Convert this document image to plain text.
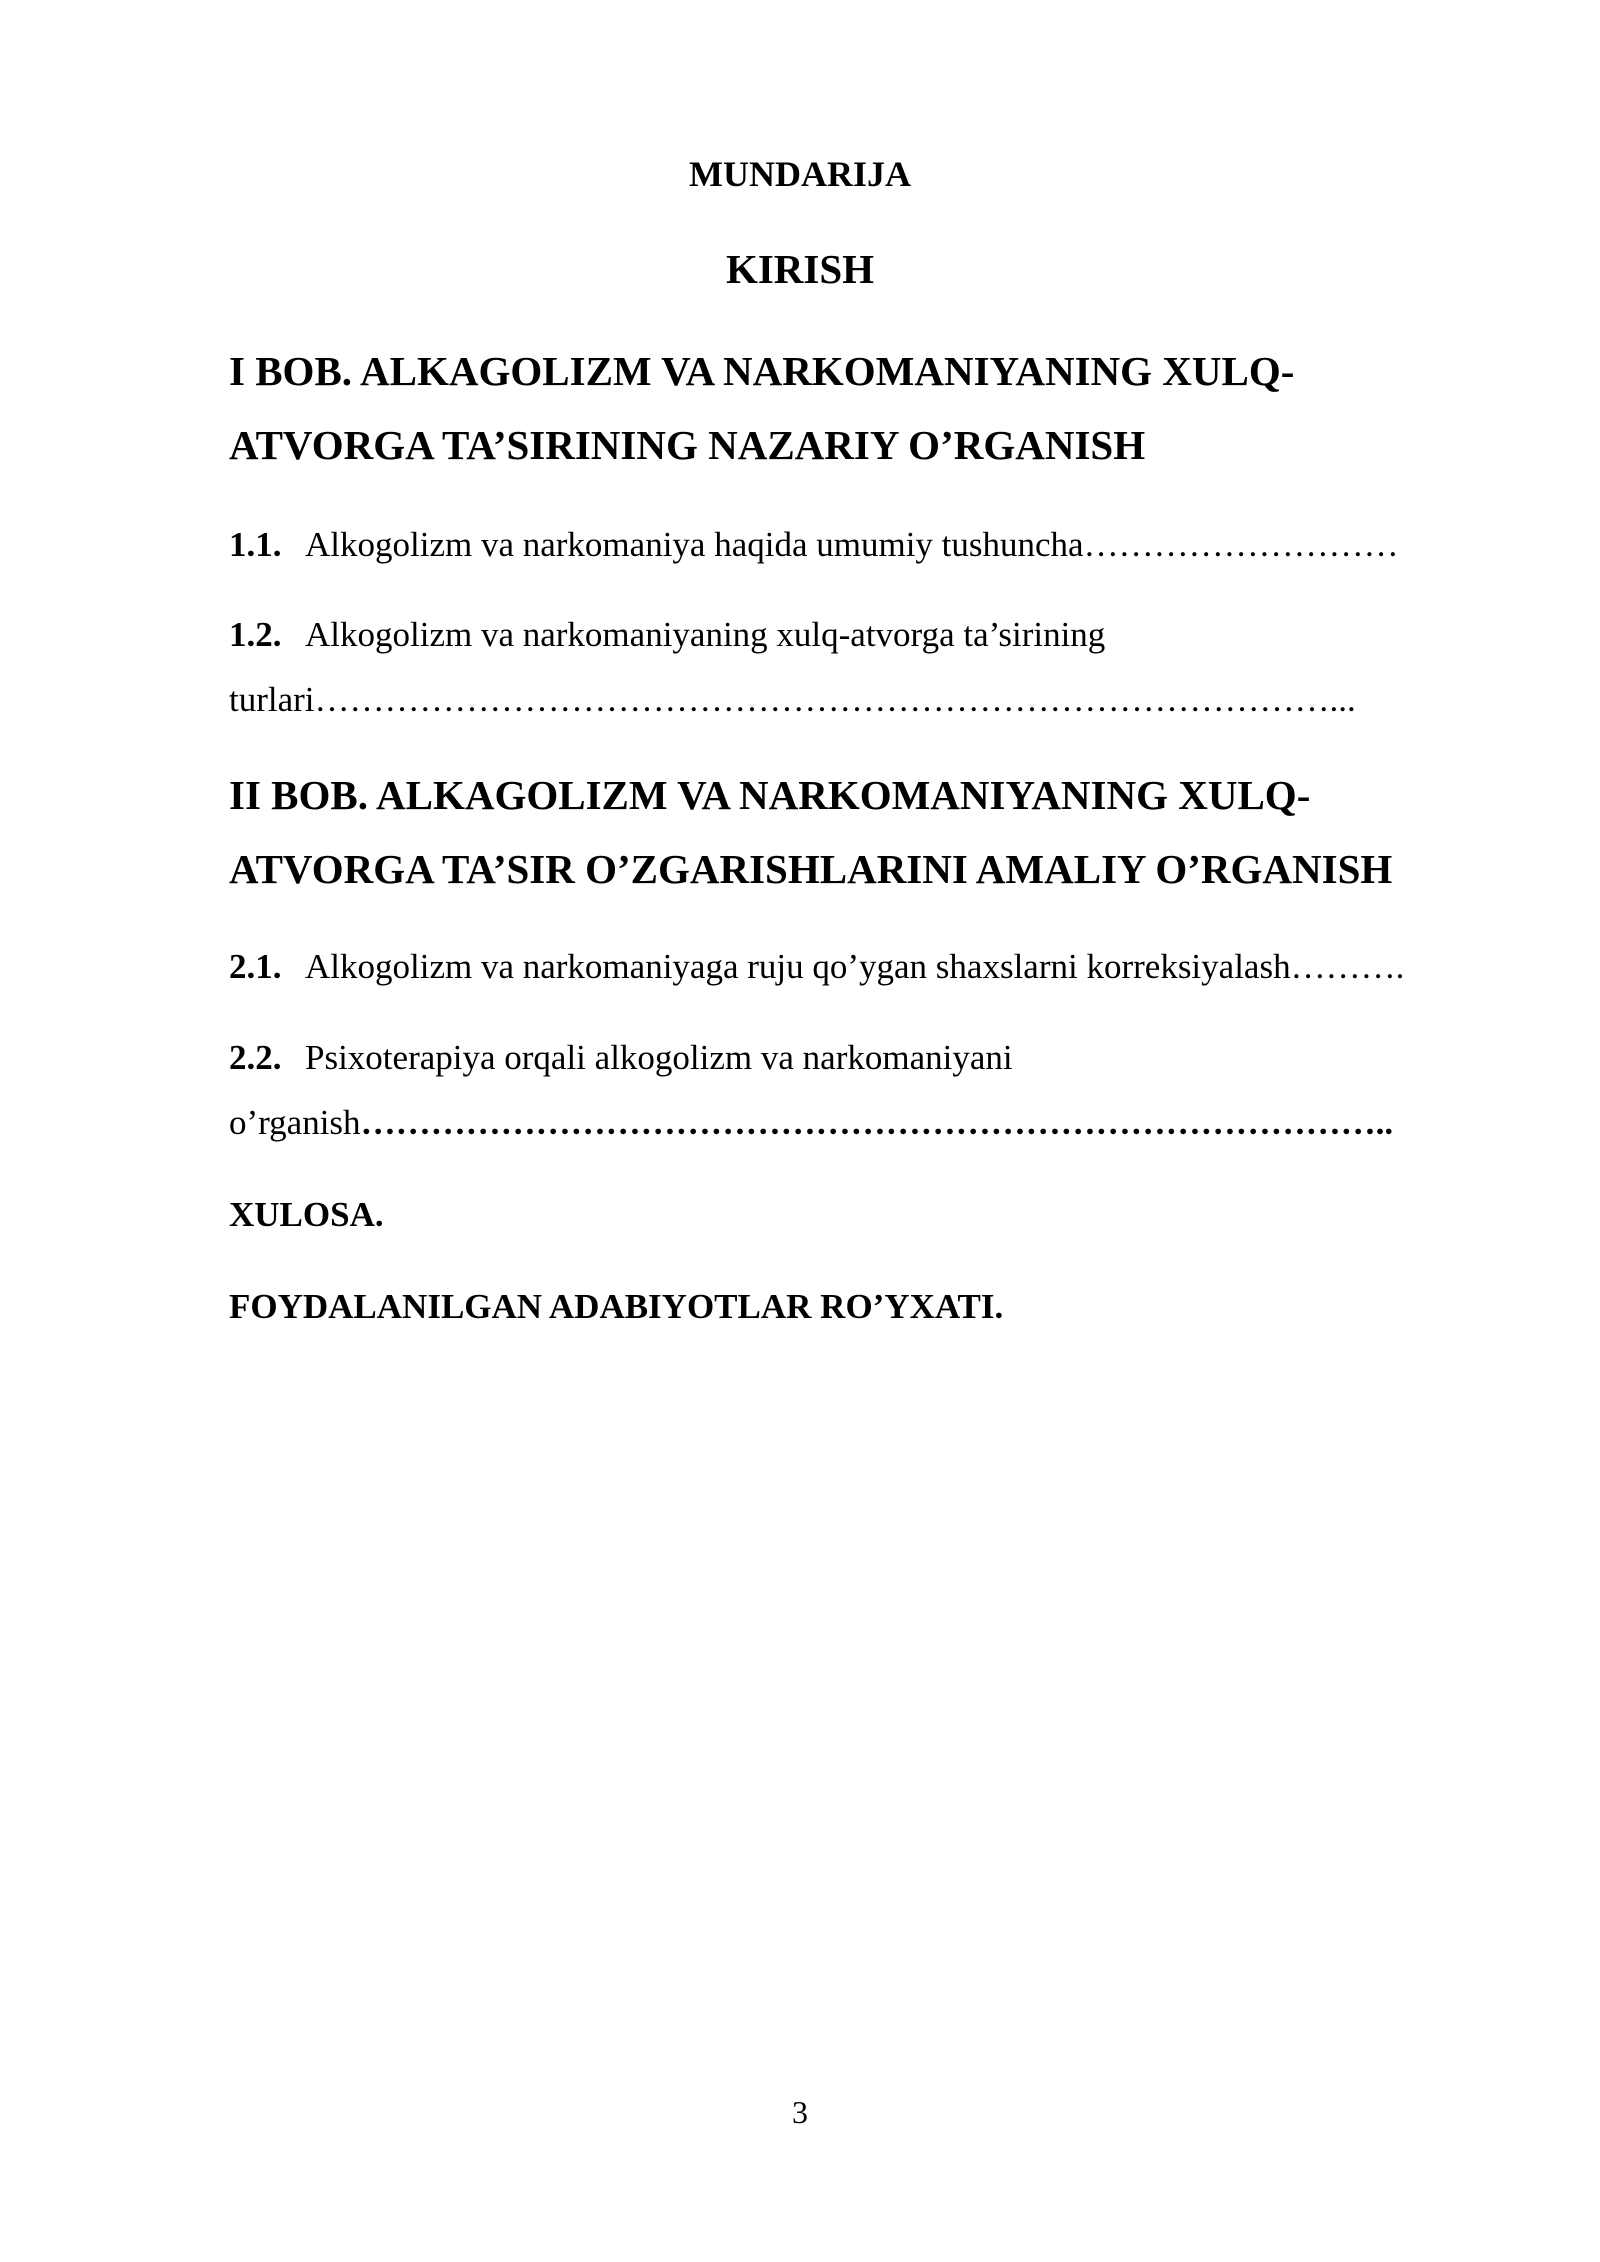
MUNDARIJA
KIRISH
I BOB. ALKAGOLIZM VA NARKOMANIYANING XULQ-
ATVORGA TA’SIRINING NAZARIY O’RGANISH

1.1. Alkogolizm va narkomaniya haqida umumiy tushuncha………………………

1.2. Alkogolizm va narkomaniyaning xulq-atvorga ta’sirining
turlari……………………………………………………………………………...

II BOB. ALKAGOLIZM VA NARKOMANIYANING XULQ-
ATVORGA TA’SIR O’ZGARISHLARINI AMALIY O’RGANISH

2.1. Alkogolizm va narkomaniyaga ruju qo’ygan shaxslarni korreksiyalash……….

2.2. Psixoterapiya orqali alkogolizm va narkomaniyani
o’rganish……………………………………………………………………………..

XULOSA.

FOYDALANILGAN ADABIYOTLAR RO’YXATI.

3
